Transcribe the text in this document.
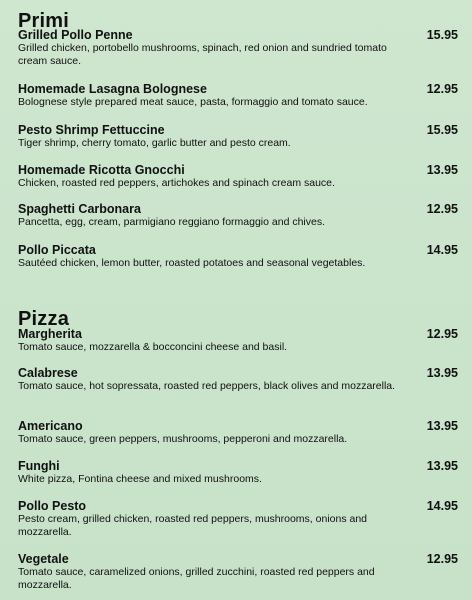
Primi
Grilled Pollo Penne	15.95
Grilled chicken, portobello mushrooms, spinach, red onion and sundried tomato cream sauce.
Homemade Lasagna Bolognese	12.95
Bolognese style prepared meat sauce, pasta, formaggio and tomato sauce.
Pesto Shrimp Fettuccine	15.95
Tiger shrimp, cherry tomato, garlic butter and pesto cream.
Homemade Ricotta Gnocchi	13.95
Chicken, roasted red peppers, artichokes and spinach cream sauce.
Spaghetti Carbonara	12.95
Pancetta, egg, cream, parmigiano reggiano formaggio and chives.
Pollo Piccata	14.95
Sautéed chicken, lemon butter, roasted potatoes and seasonal vegetables.
Pizza
Margherita	12.95
Tomato sauce, mozzarella & bocconcini cheese and basil.
Calabrese	13.95
Tomato sauce, hot sopressata, roasted red peppers, black olives and mozzarella.
Americano	13.95
Tomato sauce, green peppers, mushrooms, pepperoni and mozzarella.
Funghi	13.95
White pizza, Fontina cheese and mixed mushrooms.
Pollo Pesto	14.95
Pesto cream, grilled chicken, roasted red peppers, mushrooms, onions and mozzarella.
Vegetale	12.95
Tomato sauce, caramelized onions, grilled zucchini, roasted red peppers and mozzarella.
